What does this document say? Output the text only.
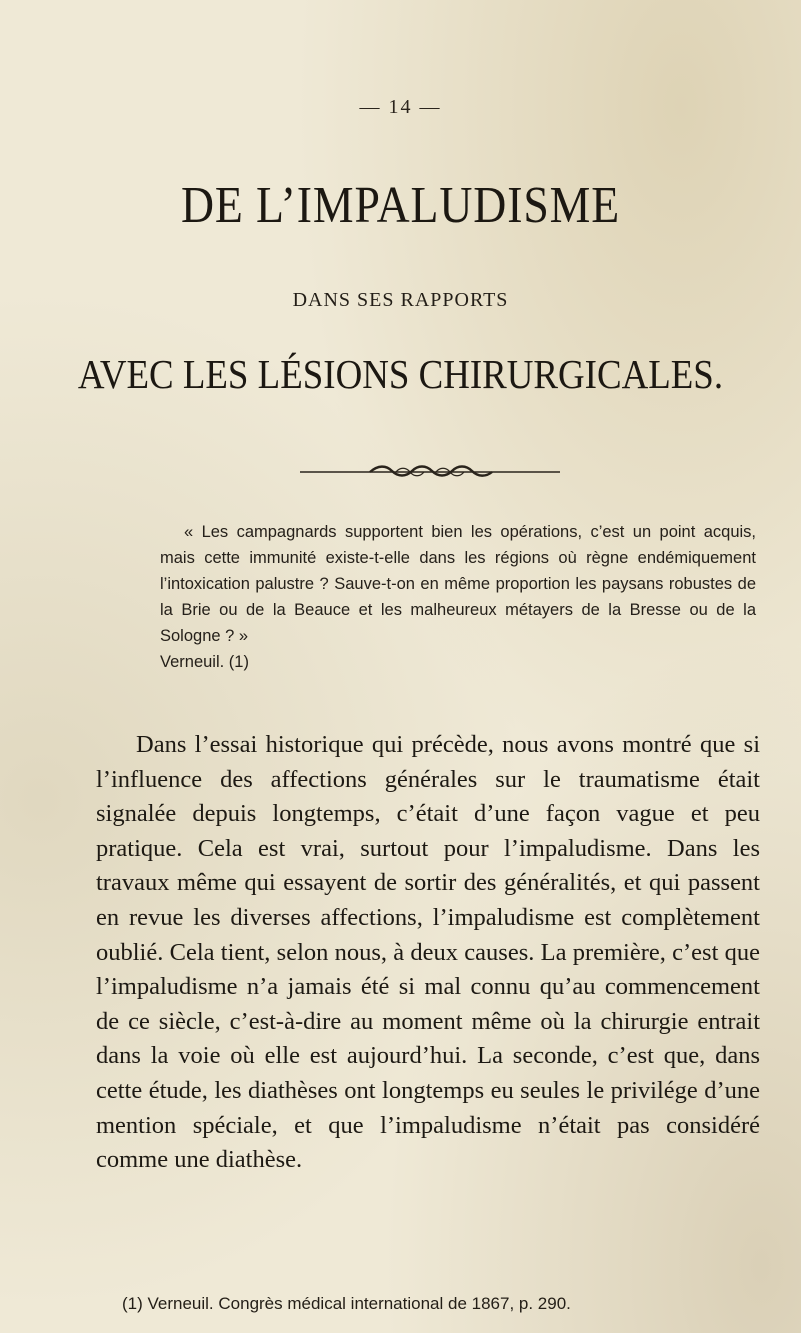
— 14 —
DE L’IMPALUDISME
DANS SES RAPPORTS
AVEC LES LÉSIONS CHIRURGICALES.

« Les campagnards supportent bien les opérations, c’est un point acquis, mais cette immunité existe-t-elle dans les régions où règne endémiquement l’intoxication palustre ? Sauve-t-on en même proportion les paysans robustes de la Brie ou de la Beauce et les malheureux métayers de la Bresse ou de la Sologne ? »

Verneuil. (1)

Dans l’essai historique qui précède, nous avons montré que si l’influence des affections générales sur le traumatisme était signalée depuis longtemps, c’était d’une façon vague et peu pratique. Cela est vrai, surtout pour l’impaludisme. Dans les travaux même qui essayent de sortir des généralités, et qui passent en revue les diverses affections, l’impaludisme est complètement oublié. Cela tient, selon nous, à deux causes. La première, c’est que l’impaludisme n’a jamais été si mal connu qu’au commencement de ce siècle, c’est-à-dire au moment même où la chirurgie entrait dans la voie où elle est aujourd’hui. La seconde, c’est que, dans cette étude, les diathèses ont longtemps eu seules le privilége d’une mention spéciale, et que l’impaludisme n’était pas considéré comme une diathèse.

(1) Verneuil. Congrès médical international de 1867, p. 290.
